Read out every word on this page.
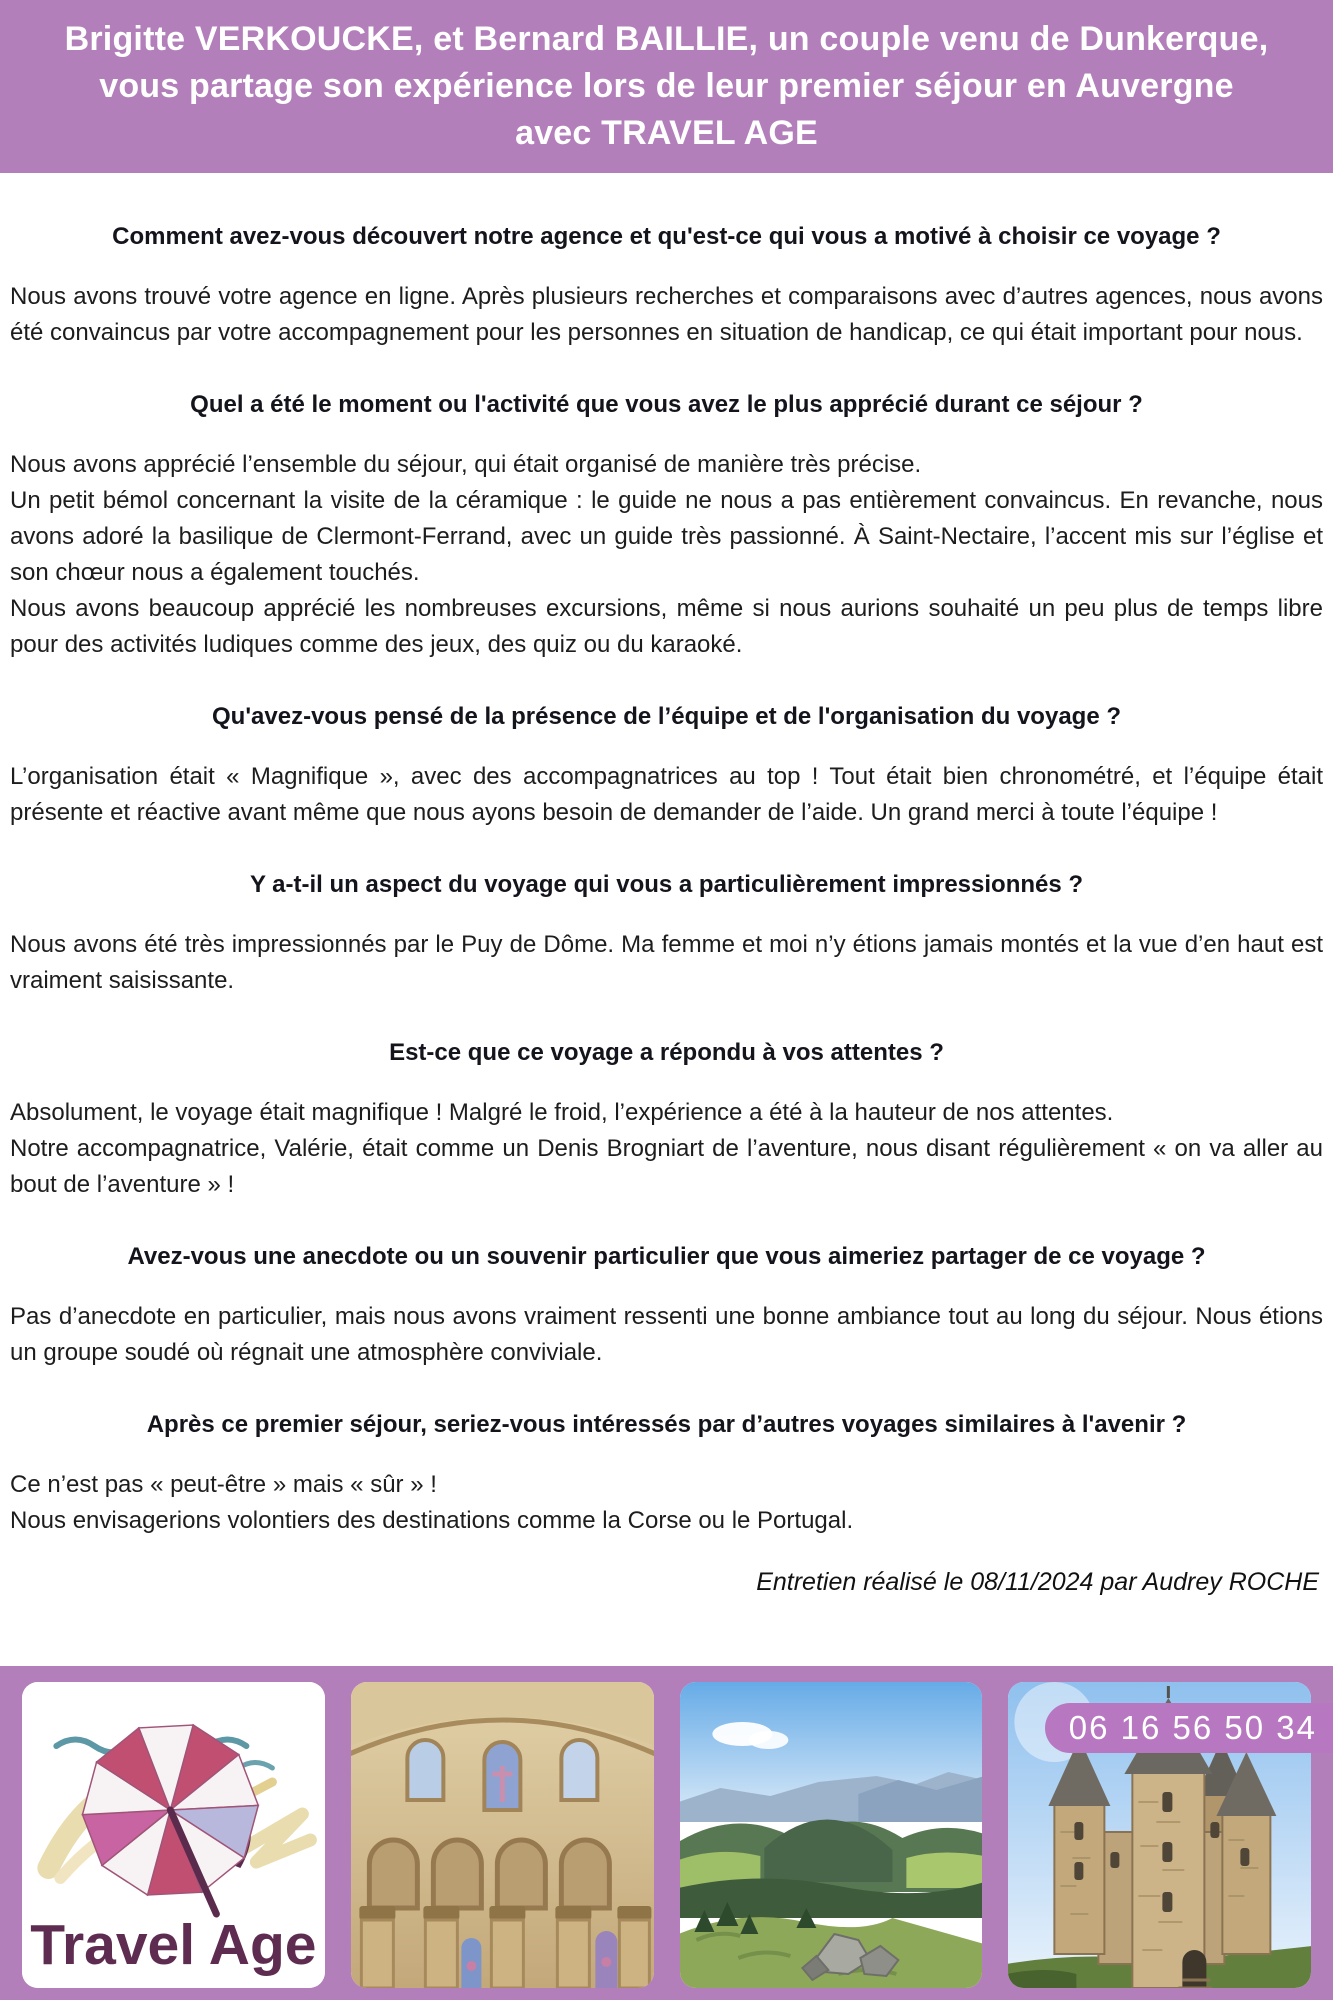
Brigitte VERKOUCKE, et Bernard BAILLIE, un couple venu de Dunkerque,
vous partage son expérience lors de leur premier séjour en Auvergne
avec TRAVEL AGE
Comment avez-vous découvert notre agence et qu'est-ce qui vous a motivé à choisir ce voyage ?

Nous avons trouvé votre agence en ligne. Après plusieurs recherches et comparaisons avec d’autres agences, nous avons été convaincus par votre accompagnement pour les personnes en situation de handicap, ce qui était important pour nous.

Quel a été le moment ou l'activité que vous avez le plus apprécié durant ce séjour ?

Nous avons apprécié l’ensemble du séjour, qui était organisé de manière très précise.

Un petit bémol concernant la visite de la céramique : le guide ne nous a pas entièrement convaincus. En revanche, nous avons adoré la basilique de Clermont-Ferrand, avec un guide très passionné. À Saint-Nectaire, l’accent mis sur l’église et son chœur nous a également touchés.

Nous avons beaucoup apprécié les nombreuses excursions, même si nous aurions souhaité un peu plus de temps libre pour des activités ludiques comme des jeux, des quiz ou du karaoké.

Qu'avez-vous pensé de la présence de l’équipe et de l'organisation du voyage ?

L’organisation était « Magnifique », avec des accompagnatrices au top ! Tout était bien chronométré, et l’équipe était présente et réactive avant même que nous ayons besoin de demander de l’aide. Un grand merci à toute l’équipe !

Y a-t-il un aspect du voyage qui vous a particulièrement impressionnés ?

Nous avons été très impressionnés par le Puy de Dôme. Ma femme et moi n’y étions jamais montés et la vue d’en haut est vraiment saisissante.

Est-ce que ce voyage a répondu à vos attentes ?

Absolument, le voyage était magnifique ! Malgré le froid, l’expérience a été à la hauteur de nos attentes.

Notre accompagnatrice, Valérie, était comme un Denis Brogniart de l’aventure, nous disant régulièrement « on va aller au bout de l’aventure » !

Avez-vous une anecdote ou un souvenir particulier que vous aimeriez partager de ce voyage ?

Pas d’anecdote en particulier, mais nous avons vraiment ressenti une bonne ambiance tout au long du séjour. Nous étions un groupe soudé où régnait une atmosphère conviviale.

Après ce premier séjour, seriez-vous intéressés par d’autres voyages similaires à l'avenir ?

Ce n’est pas « peut-être » mais « sûr » !

Nous envisagerions volontiers des destinations comme la Corse ou le Portugal.

Entretien réalisé le 08/11/2024 par Audrey ROCHE

Travel Age
06 16 56 50 34
